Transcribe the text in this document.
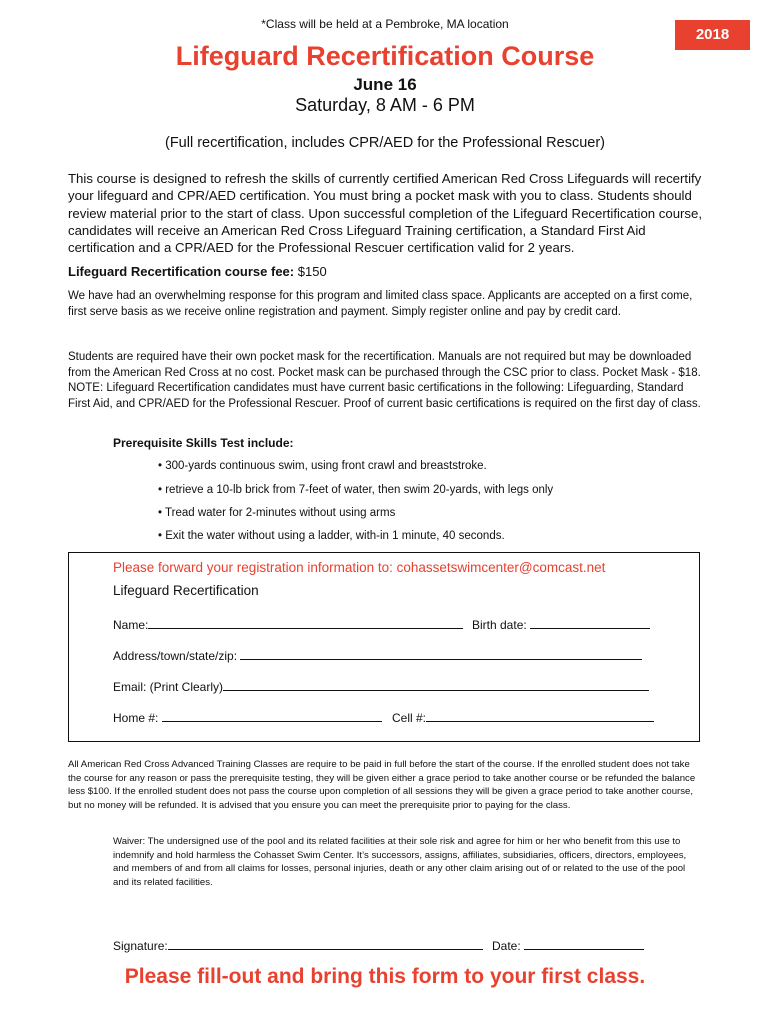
*Class will be held at a Pembroke, MA location
2018
Lifeguard Recertification Course
June 16
Saturday, 8 AM - 6 PM
(Full recertification, includes CPR/AED for the Professional Rescuer)
This course is designed to refresh the skills of currently certified American Red Cross Lifeguards will recertify your lifeguard and CPR/AED certification. You must bring a pocket mask with you to class. Students should review material prior to the start of class. Upon successful completion of the Lifeguard Recertification course, candidates will receive an American Red Cross Lifeguard Training certification, a Standard First Aid certification and a CPR/AED for the Professional Rescuer certification valid for 2 years.
Lifeguard Recertification course fee: $150
We have had an overwhelming response for this program and limited class space. Applicants are accepted on a first come, first serve basis as we receive online registration and payment. Simply register online and pay by credit card.
Students are required have their own pocket mask for the recertification. Manuals are not required but may be downloaded from the American Red Cross at no cost. Pocket mask can be purchased through the CSC prior to class. Pocket Mask - $18. NOTE: Lifeguard Recertification candidates must have current basic certifications in the following: Lifeguarding, Standard First Aid, and CPR/AED for the Professional Rescuer. Proof of current basic certifications is required on the first day of class.
Prerequisite Skills Test include:
• 300-yards continuous swim, using front crawl and breaststroke.
• retrieve a 10-lb brick from 7-feet of water, then swim 20-yards, with legs only
• Tread water for 2-minutes without using arms
• Exit the water without using a ladder, with-in 1 minute, 40 seconds.
Please forward your registration information to: cohassetswimcenter@comcast.net
Lifeguard Recertification
Name:	Birth date:
Address/town/state/zip:
Email: (Print Clearly)
Home #:	Cell #:
All American Red Cross Advanced Training Classes are require to be paid in full before the start of the course. If the enrolled student does not take the course for any reason or pass the prerequisite testing, they will be given either a grace period to take another course or be refunded the balance less $100. If the enrolled student does not pass the course upon completion of all sessions they will be given a grace period to take another course, but no money will be refunded. It is advised that you ensure you can meet the prerequisite prior to paying for the class.
Waiver: The undersigned use of the pool and its related facilities at their sole risk and agree for him or her who benefit from this use to indemnify and hold harmless the Cohasset Swim Center. It’s successors, assigns, affiliates, subsidiaries, officers, directors, employees, and members of and from all claims for losses, personal injuries, death or any other claim arising out of or related to the use of the pool and its related facilities.
Signature:	Date:
Please fill-out and bring this form to your first class.
